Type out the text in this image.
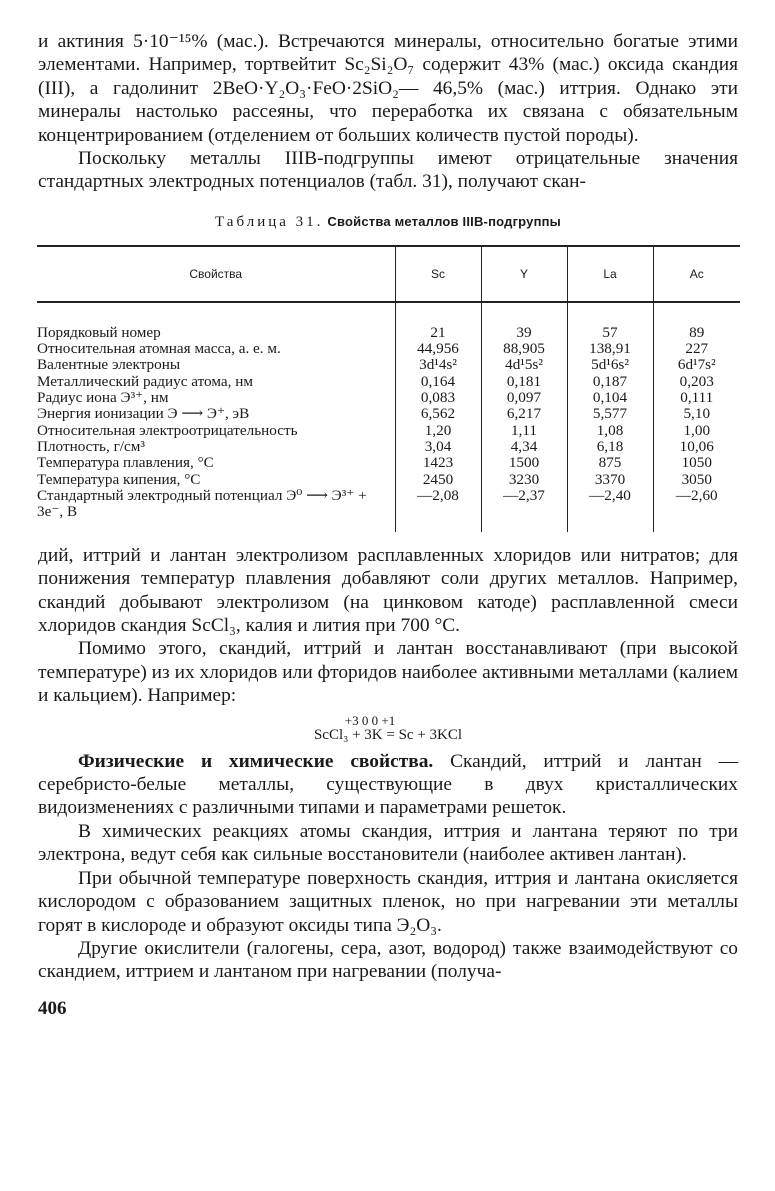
и актиния 5·10⁻¹⁵% (мас.). Встречаются минералы, относительно богатые этими элементами. Например, тортвейтит Sc₂Si₂O₇ содержит 43% (мас.) оксида скандия (III), а гадолинит 2BeO·Y₂O₃·FeO·2SiO₂— 46,5% (мас.) иттрия. Однако эти минералы настолько рассеяны, что переработка их связана с обязательным концентрированием (отделением от больших количеств пустой породы).

Поскольку металлы IIIB-подгруппы имеют отрицательные значения стандартных электродных потенциалов (табл. 31), получают скан-

Таблица 31. Свойства металлов IIIB-подгруппы
Свойства	Sc	Y	La	Ac

Порядковый номер	21	39	57	89
Относительная атомная масса, а. е. м.	44,956	88,905	138,91	227
Валентные электроны	3d¹4s²	4d¹5s²	5d¹6s²	6d¹7s²
Металлический радиус атома, нм	0,164	0,181	0,187	0,203
Радиус иона Э³⁺, нм	0,083	0,097	0,104	0,111
Энергия ионизации Э ⟶ Э⁺, эВ	6,562	6,217	5,577	5,10
Относительная электроотрицательность	1,20	1,11	1,08	1,00
Плотность, г/см³	3,04	4,34	6,18	10,06
Температура плавления, °С	1423	1500	875	1050
Температура кипения, °С	2450	3230	3370	3050
Стандартный электродный потенциал Э⁰ ⟶ Э³⁺ + 3е⁻, В	—2,08	—2,37	—2,40	—2,60

дий, иттрий и лантан электролизом расплавленных хлоридов или нитратов; для понижения температур плавления добавляют соли других металлов. Например, скандий добывают электролизом (на цинковом катоде) расплавленной смеси хлоридов скандия ScCl₃, калия и лития при 700 °С.

Помимо этого, скандий, иттрий и лантан восстанавливают (при высокой температуре) из их хлоридов или фторидов наиболее активными металлами (калием и кальцием). Например:

+3 0 0 +1
ScCl₃ + 3K = Sc + 3KCl

Физические и химические свойства. Скандий, иттрий и лантан — серебристо-белые металлы, существующие в двух кристаллических видоизменениях с различными типами и параметрами решеток.

В химических реакциях атомы скандия, иттрия и лантана теряют по три электрона, ведут себя как сильные восстановители (наиболее активен лантан).

При обычной температуре поверхность скандия, иттрия и лантана окисляется кислородом с образованием защитных пленок, но при нагревании эти металлы горят в кислороде и образуют оксиды типа Э₂О₃.

Другие окислители (галогены, сера, азот, водород) также взаимодействуют со скандием, иттрием и лантаном при нагревании (получа-

406
